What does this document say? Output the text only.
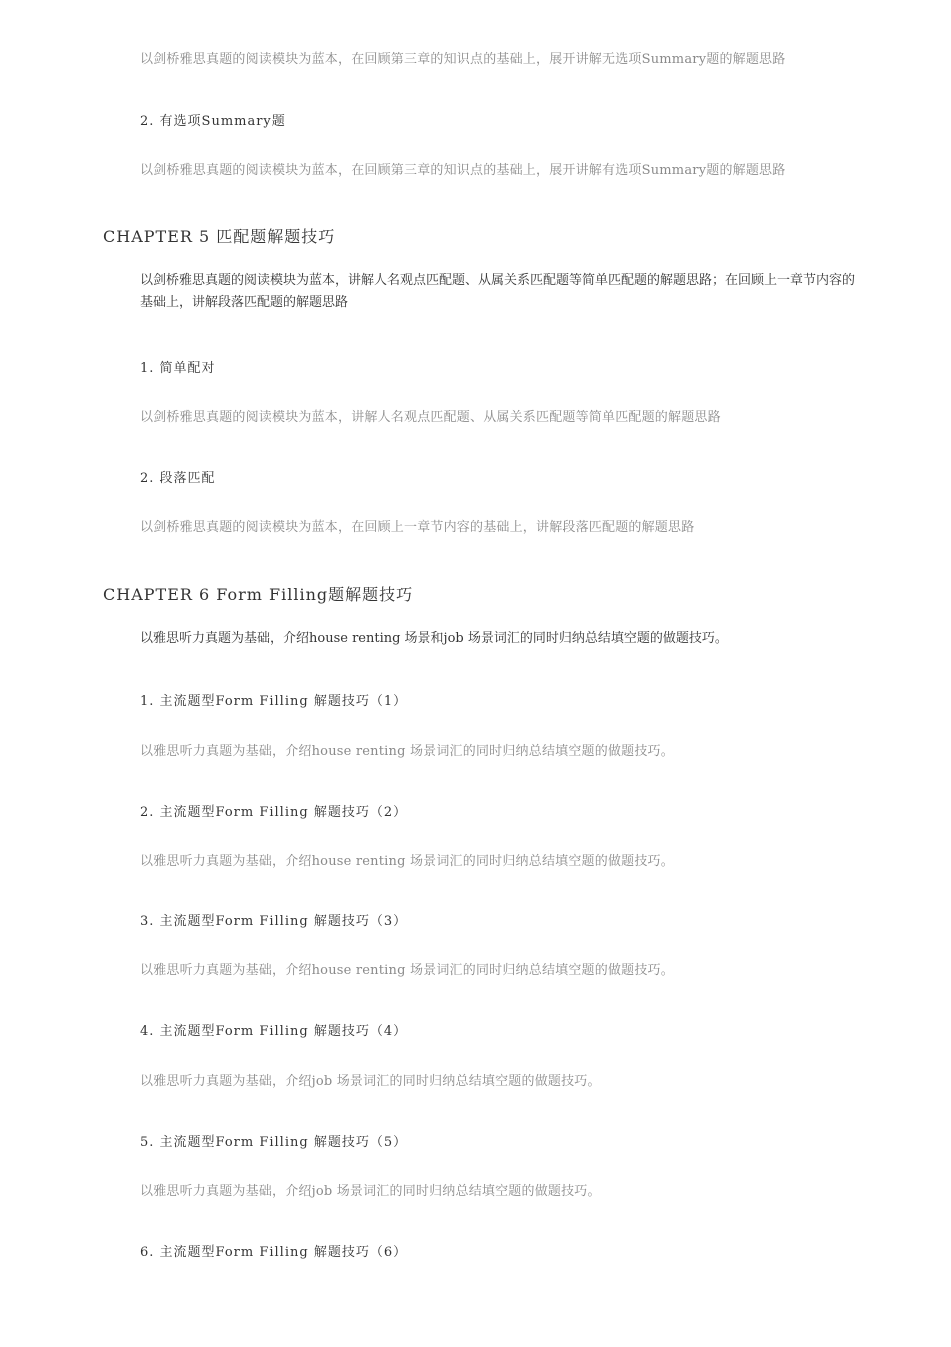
以剑桥雅思真题的阅读模块为蓝本，在回顾第三章的知识点的基础上，展开讲解无选项Summary题的解题思路
2. 有选项Summary题
以剑桥雅思真题的阅读模块为蓝本，在回顾第三章的知识点的基础上，展开讲解有选项Summary题的解题思路
CHAPTER 5 匹配题解题技巧
以剑桥雅思真题的阅读模块为蓝本，讲解人名观点匹配题、从属关系匹配题等简单匹配题的解题思路；在回顾上一章节内容的基础上，讲解段落匹配题的解题思路
1. 简单配对
以剑桥雅思真题的阅读模块为蓝本，讲解人名观点匹配题、从属关系匹配题等简单匹配题的解题思路
2. 段落匹配
以剑桥雅思真题的阅读模块为蓝本，在回顾上一章节内容的基础上，讲解段落匹配题的解题思路
CHAPTER 6 Form Filling题解题技巧
以雅思听力真题为基础，介绍house renting 场景和job 场景词汇的同时归纳总结填空题的做题技巧。
1. 主流题型Form Filling 解题技巧（1）
以雅思听力真题为基础，介绍house renting 场景词汇的同时归纳总结填空题的做题技巧。
2. 主流题型Form Filling 解题技巧（2）
以雅思听力真题为基础，介绍house renting 场景词汇的同时归纳总结填空题的做题技巧。
3. 主流题型Form Filling 解题技巧（3）
以雅思听力真题为基础，介绍house renting 场景词汇的同时归纳总结填空题的做题技巧。
4. 主流题型Form Filling 解题技巧（4）
以雅思听力真题为基础，介绍job 场景词汇的同时归纳总结填空题的做题技巧。
5. 主流题型Form Filling 解题技巧（5）
以雅思听力真题为基础，介绍job 场景词汇的同时归纳总结填空题的做题技巧。
6. 主流题型Form Filling 解题技巧（6）
